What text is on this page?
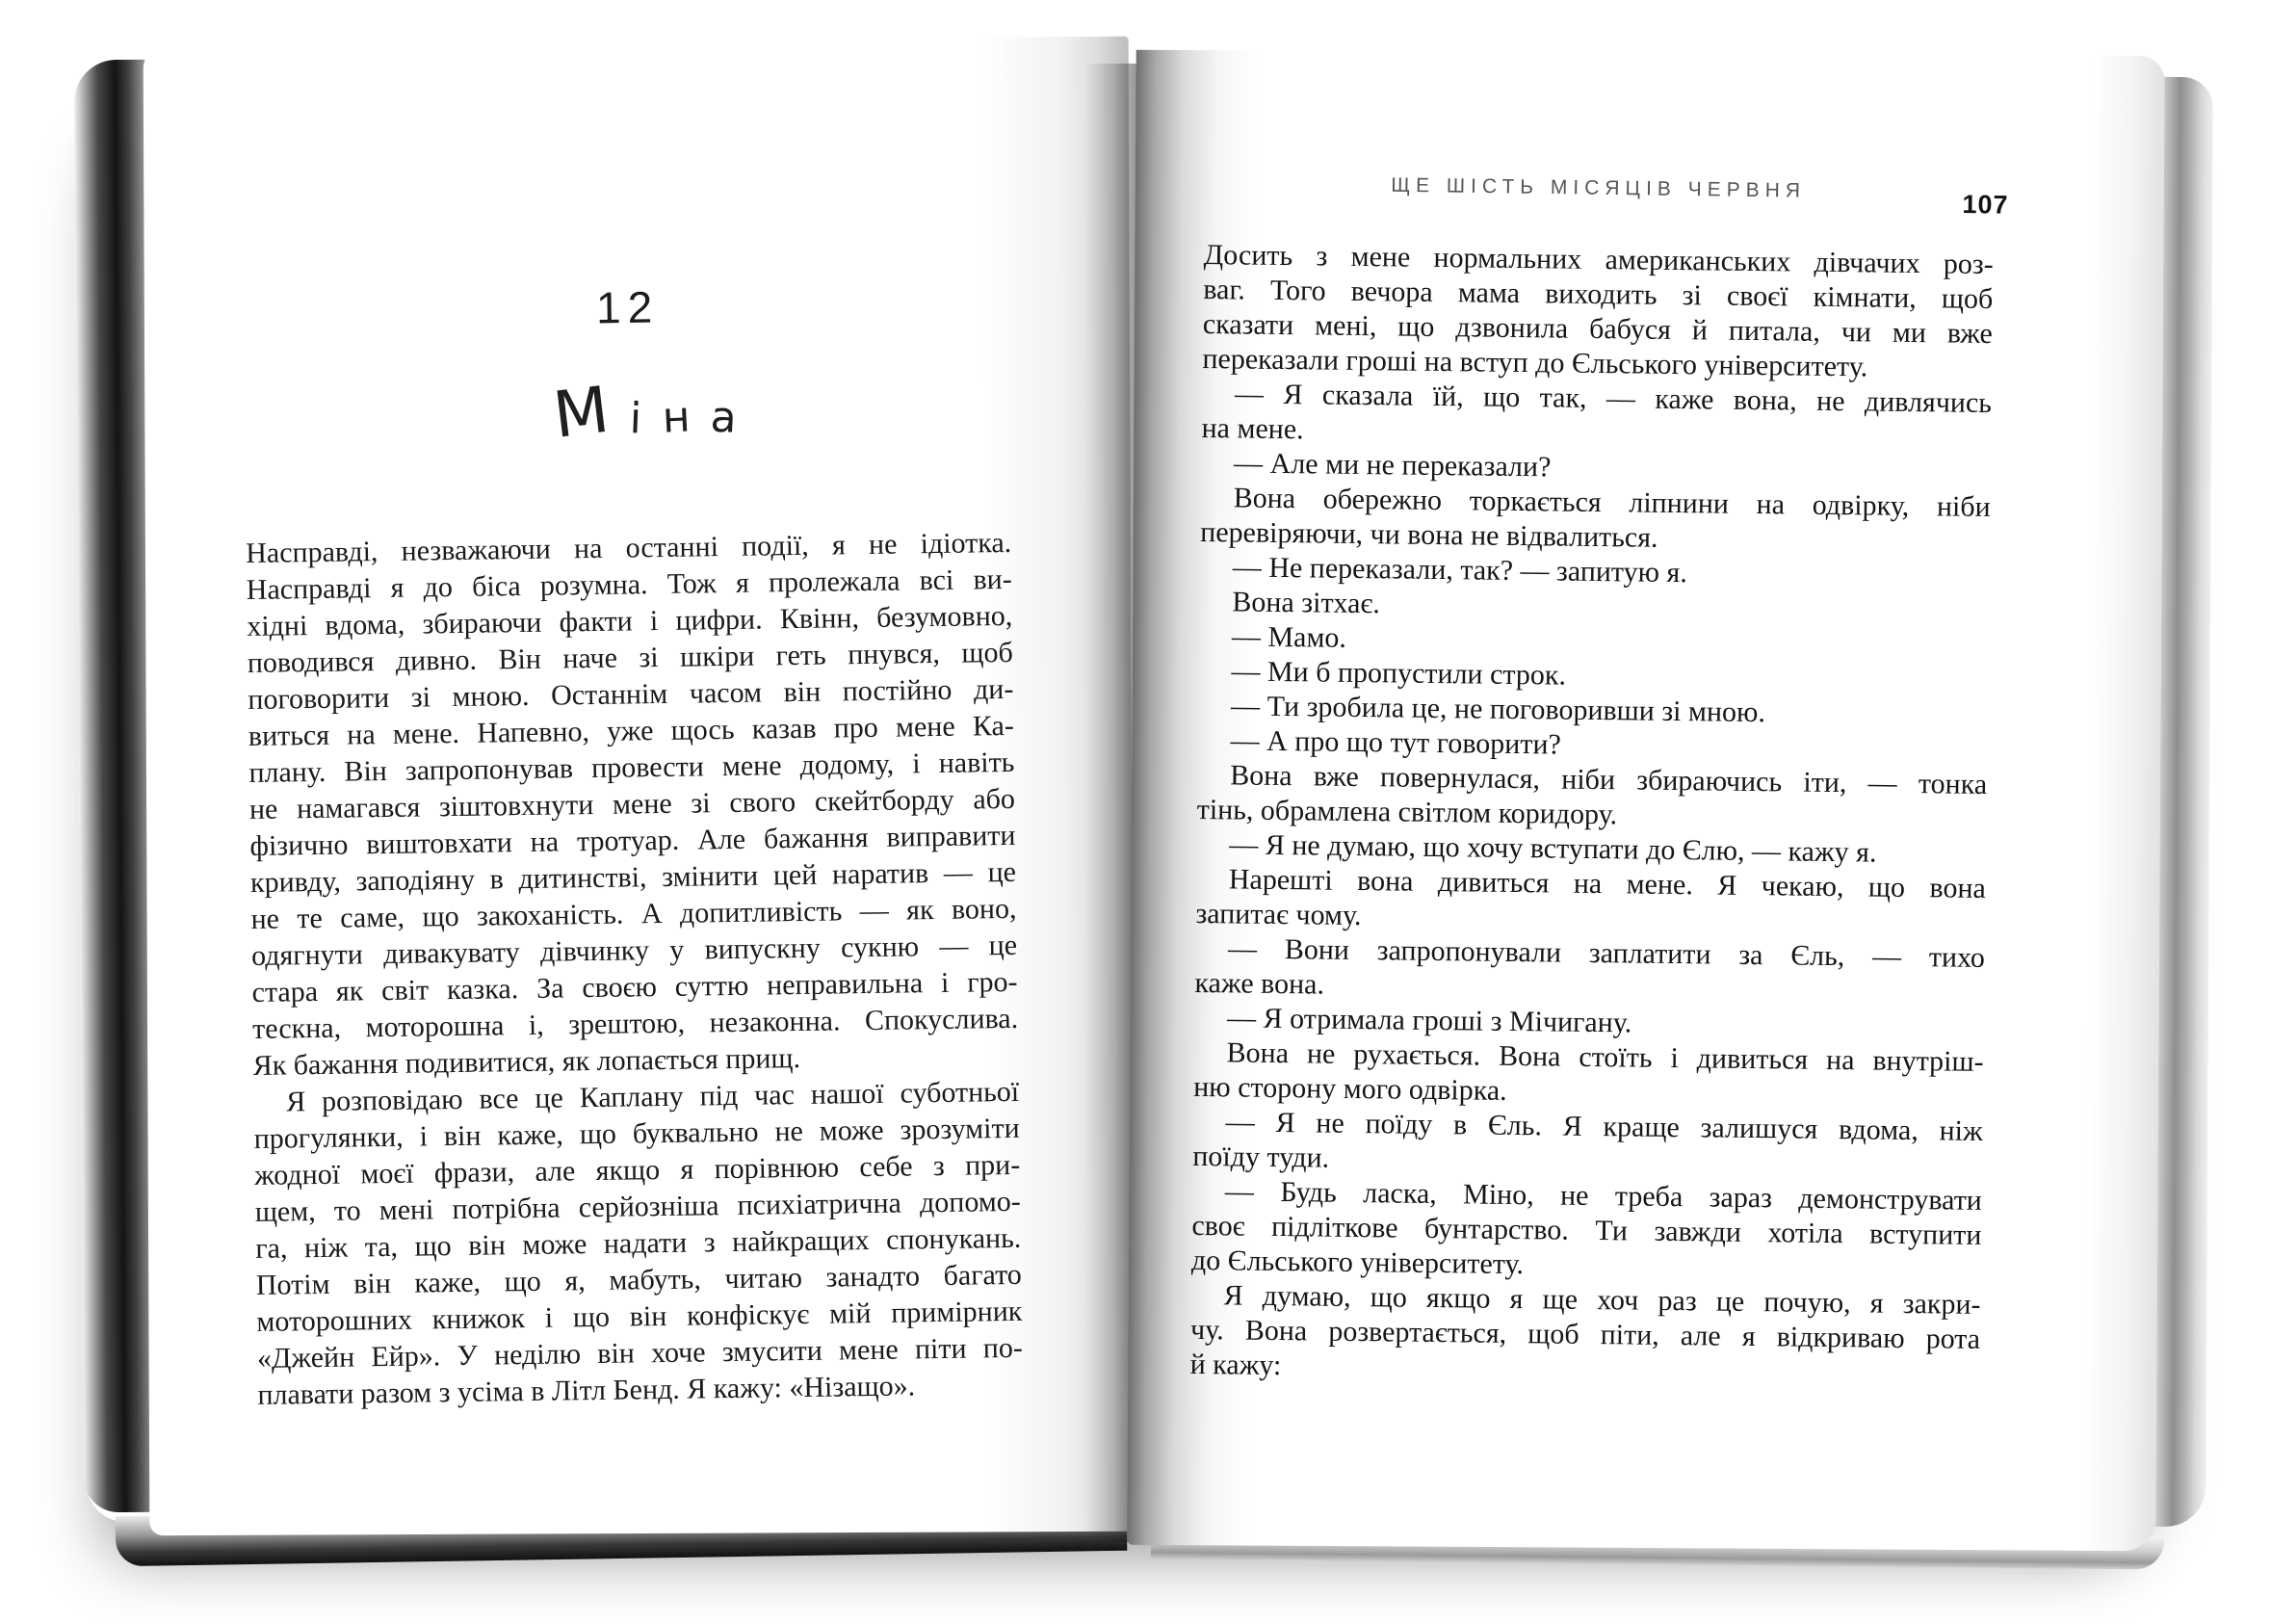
12
М і н а
Насправді, незважаючи на останні події, я не ідіотка.
Насправді я до біса розумна. Тож я пролежала всі ви-
хідні вдома, збираючи факти і цифри. Квінн, безумовно,
поводився дивно. Він наче зі шкіри геть пнувся, щоб
поговорити зі мною. Останнім часом він постійно ди-
виться на мене. Напевно, уже щось казав про мене Ка-
плану. Він запропонував провести мене додому, і навіть
не намагався зіштовхнути мене зі свого скейтборду або
фізично виштовхати на тротуар. Але бажання виправити
кривду, заподіяну в дитинстві, змінити цей наратив — це
не те саме, що закоханість. А допитливість — як воно,
одягнути дивакувату дівчинку у випускну сукню — це
стара як світ казка. За своєю суттю неправильна і гро-
тескна, моторошна і, зрештою, незаконна. Спокуслива.
Як бажання подивитися, як лопається прищ.
Я розповідаю все це Каплану під час нашої суботньої
прогулянки, і він каже, що буквально не може зрозуміти
жодної моєї фрази, але якщо я порівнюю себе з при-
щем, то мені потрібна серйозніша психіатрична допомо-
га, ніж та, що він може надати з найкращих спонукань.
Потім він каже, що я, мабуть, читаю занадто багато
моторошних книжок і що він конфіскує мій примірник
«Джейн Ейр». У неділю він хоче змусити мене піти по-
плавати разом з усіма в Літл Бенд. Я кажу: «Нізащо».
ЩЕ ШІСТЬ МІСЯЦІВ ЧЕРВНЯ
107
Досить з мене нормальних американських дівчачих роз-
ваг. Того вечора мама виходить зі своєї кімнати, щоб
сказати мені, що дзвонила бабуся й питала, чи ми вже
переказали гроші на вступ до Єльського університету.
— Я сказала їй, що так, — каже вона, не дивлячись
на мене.
— Але ми не переказали?
Вона обережно торкається ліпнини на одвірку, ніби
перевіряючи, чи вона не відвалиться.
— Не переказали, так? — запитую я.
Вона зітхає.
— Мамо.
— Ми б пропустили строк.
— Ти зробила це, не поговоривши зі мною.
— А про що тут говорити?
Вона вже повернулася, ніби збираючись іти, — тонка
тінь, обрамлена світлом коридору.
— Я не думаю, що хочу вступати до Єлю, — кажу я.
Нарешті вона дивиться на мене. Я чекаю, що вона
запитає чому.
— Вони запропонували заплатити за Єль, — тихо
каже вона.
— Я отримала гроші з Мічигану.
Вона не рухається. Вона стоїть і дивиться на внутріш-
ню сторону мого одвірка.
— Я не поїду в Єль. Я краще залишуся вдома, ніж
поїду туди.
— Будь ласка, Міно, не треба зараз демонструвати
своє підліткове бунтарство. Ти завжди хотіла вступити
до Єльського університету.
Я думаю, що якщо я ще хоч раз це почую, я закри-
чу. Вона розвертається, щоб піти, але я відкриваю рота
й кажу:
